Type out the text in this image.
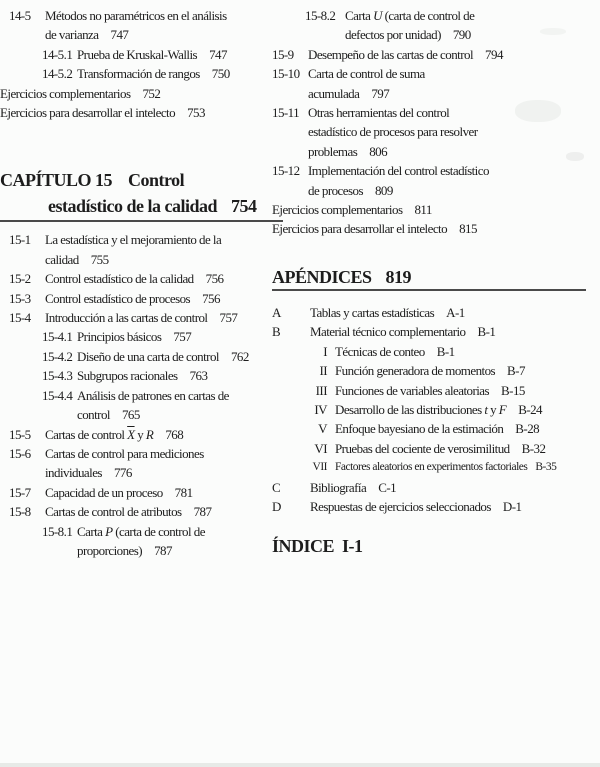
14-5 Métodos no paramétricos en el análisis
de varianza 747
14-5.1 Prueba de Kruskal-Wallis 747
14-5.2 Transformación de rangos 750
Ejercicios complementarios 752
Ejercicios para desarrollar el intelecto 753
CAPÍTULO 15 Control
estadístico de la calidad 754
15-1 La estadística y el mejoramiento de la
calidad 755
15-2 Control estadístico de la calidad 756
15-3 Control estadístico de procesos 756
15-4 Introducción a las cartas de control 757
15-4.1 Principios básicos 757
15-4.2 Diseño de una carta de control 762
15-4.3 Subgrupos racionales 763
15-4.4 Análisis de patrones en cartas de
control 765
15-5 Cartas de control $\overline{X}$ y R 768
15-6 Cartas de control para mediciones
individuales 776
15-7 Capacidad de un proceso 781
15-8 Cartas de control de atributos 787
15-8.1 Carta P (carta de control de
proporciones) 787
15-8.2 Carta U (carta de control de
defectos por unidad) 790
15-9 Desempeño de las cartas de control 794
15-10 Carta de control de suma
acumulada 797
15-11 Otras herramientas del control
estadístico de procesos para resolver
problemas 806
15-12 Implementación del control estadístico
de procesos 809
Ejercicios complementarios 811
Ejercicios para desarrollar el intelecto 815
APÉNDICES 819
A Tablas y cartas estadísticas A-1
B Material técnico complementario B-1
I Técnicas de conteo B-1
II Función generadora de momentos B-7
III Funciones de variables aleatorias B-15
IV Desarrollo de las distribuciones t y F B-24
V Enfoque bayesiano de la estimación B-28
VI Pruebas del cociente de verosimilitud B-32
VII Factores aleatorios en experimentos factoriales B-35
C Bibliografía C-1
D Respuestas de ejercicios seleccionados D-1
ÍNDICE I-1
